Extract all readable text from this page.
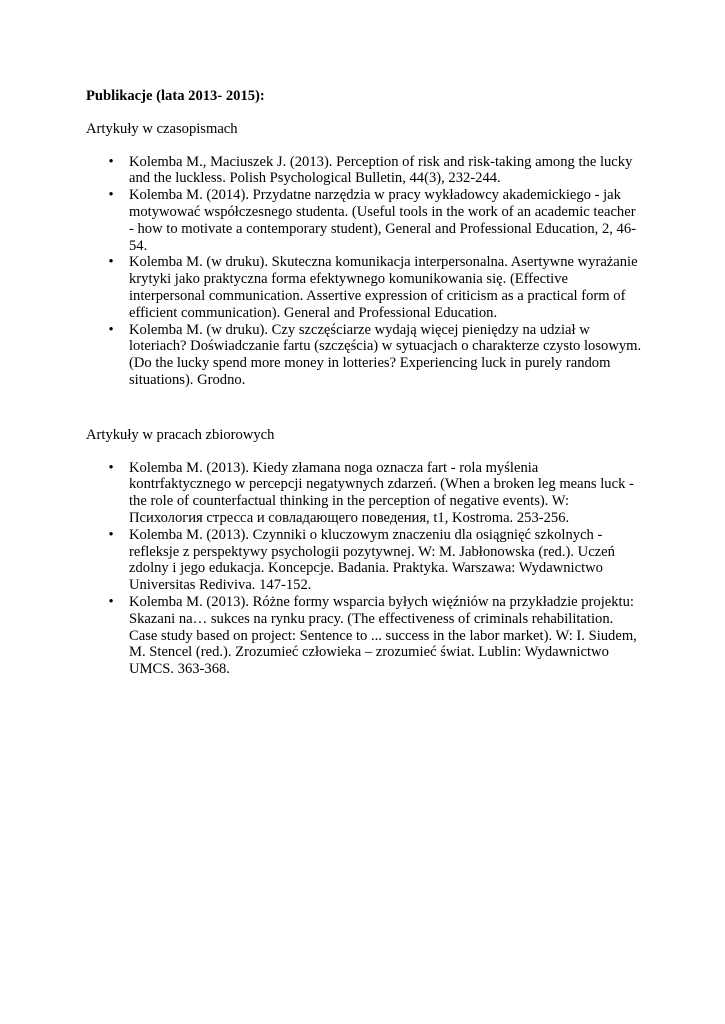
Publikacje (lata 2013- 2015):
Artykuły w czasopismach
• Kolemba M., Maciuszek J. (2013). Perception of risk and risk-taking among the lucky and the luckless. Polish Psychological Bulletin, 44(3), 232-244.
• Kolemba M. (2014). Przydatne narzędzia w pracy wykładowcy akademickiego - jak motywować współczesnego studenta. (Useful tools in the work of an academic teacher - how to motivate a contemporary student), General and Professional Education, 2, 46-54.
• Kolemba M. (w druku). Skuteczna komunikacja interpersonalna. Asertywne wyrażanie krytyki jako praktyczna forma efektywnego komunikowania się. (Effective interpersonal communication. Assertive expression of criticism as a practical form of efficient communication). General and Professional Education.
• Kolemba M. (w druku). Czy szczęściarze wydają więcej pieniędzy na udział w loteriach? Doświadczanie fartu (szczęścia) w sytuacjach o charakterze czysto losowym. (Do the lucky spend more money in lotteries? Experiencing luck in purely random situations). Grodno.
Artykuły w pracach zbiorowych
• Kolemba M. (2013). Kiedy złamana noga oznacza fart - rola myślenia kontrfaktycznego w percepcji negatywnych zdarzeń. (When a broken leg means luck - the role of counterfactual thinking in the perception of negative events). W: Психология стресса и совладающего поведения, t1, Kostroma. 253-256.
• Kolemba M. (2013). Czynniki o kluczowym znaczeniu dla osiągnięć szkolnych - refleksje z perspektywy psychologii pozytywnej. W: M. Jabłonowska (red.). Uczeń zdolny i jego edukacja. Koncepcje. Badania. Praktyka. Warszawa: Wydawnictwo Universitas Rediviva. 147-152.
• Kolemba M. (2013). Różne formy wsparcia byłych więźniów na przykładzie projektu: Skazani na… sukces na rynku pracy. (The effectiveness of criminals rehabilitation. Case study based on project: Sentence to ... success in the labor market). W: I. Siudem, M. Stencel (red.). Zrozumieć człowieka – zrozumieć świat. Lublin: Wydawnictwo UMCS. 363-368.
